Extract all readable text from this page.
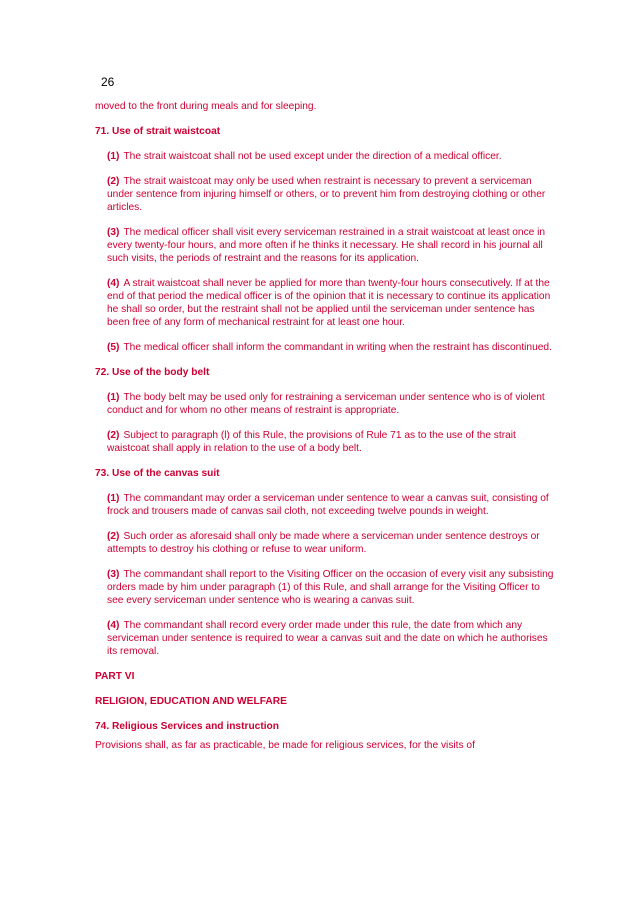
26

moved to the front during meals and for sleeping.

71. Use of strait waistcoat

(1) The strait waistcoat shall not be used except under the direction of a medical officer.

(2) The strait waistcoat may only be used when restraint is necessary to prevent a serviceman under sentence from injuring himself or others, or to prevent him from destroying clothing or other articles.

(3) The medical officer shall visit every serviceman restrained in a strait waistcoat at least once in every twenty-four hours, and more often if he thinks it necessary. He shall record in his journal all such visits, the periods of restraint and the reasons for its application.

(4) A strait waistcoat shall never be applied for more than twenty-four hours consecutively. If at the end of that period the medical officer is of the opinion that it is necessary to continue its application he shall so order, but the restraint shall not be applied until the serviceman under sentence has been free of any form of mechanical restraint for at least one hour.

(5) The medical officer shall inform the commandant in writing when the restraint has discontinued.

72. Use of the body belt

(1) The body belt may be used only for restraining a serviceman under sentence who is of violent conduct and for whom no other means of restraint is appropriate.

(2) Subject to paragraph (l) of this Rule, the provisions of Rule 71 as to the use of the strait waistcoat shall apply in relation to the use of a body belt.

73. Use of the canvas suit

(1) The commandant may order a serviceman under sentence to wear a canvas suit, consisting of frock and trousers made of canvas sail cloth, not exceeding twelve pounds in weight.

(2) Such order as aforesaid shall only be made where a serviceman under sentence destroys or attempts to destroy his clothing or refuse to wear uniform.

(3) The commandant shall report to the Visiting Officer on the occasion of every visit any subsisting orders made by him under paragraph (1) of this Rule, and shall arrange for the Visiting Officer to see every serviceman under sentence who is wearing a canvas suit.

(4) The commandant shall record every order made under this rule, the date from which any serviceman under sentence is required to wear a canvas suit and the date on which he authorises its removal.

PART VI

RELIGION, EDUCATION AND WELFARE

74. Religious Services and instruction

Provisions shall, as far as practicable, be made for religious services, for the visits of
